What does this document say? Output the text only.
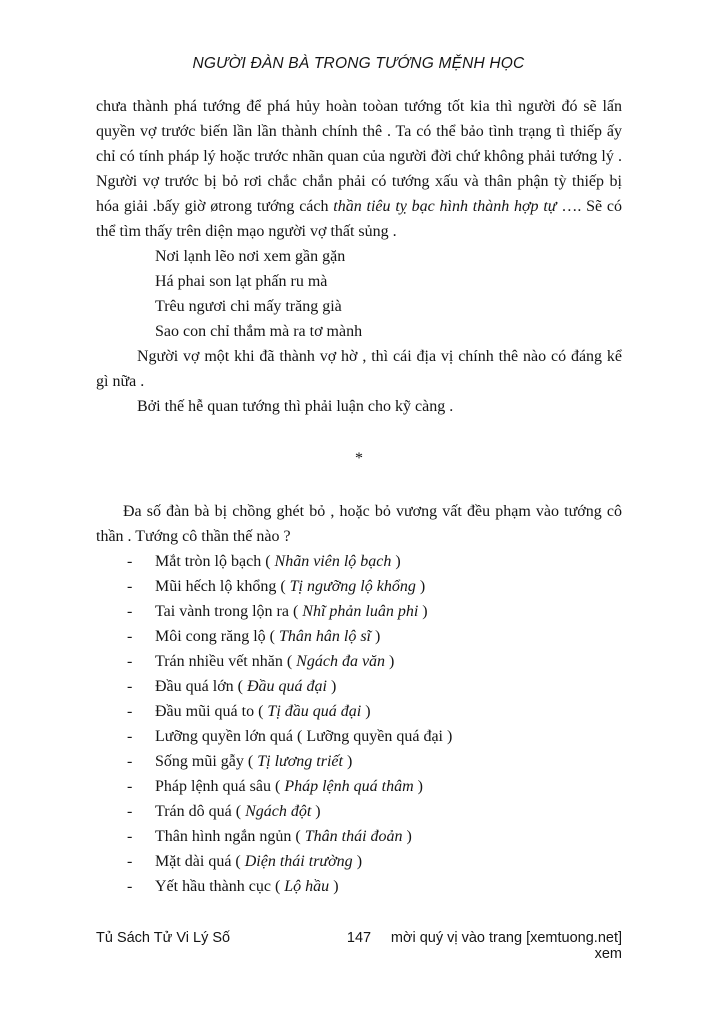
NGƯỜI ĐÀN BÀ TRONG TƯỚNG MỆNH HỌC

chưa thành phá tướng để phá hủy hoàn toòan tướng tốt kia thì người đó sẽ lấn quyền vợ trước biến lần lần thành chính thê . Ta có thể bảo tình trạng tì thiếp ấy chỉ có tính pháp lý hoặc trước nhãn quan của người đời chứ không phải tướng lý . Người vợ trước bị bỏ rơi chắc chắn phải có tướng xấu và thân phận tỳ thiếp bị hóa giải .bấy giờ øtrong tướng cách thần tiêu tỵ bạc hình thành hợp tự …. Sẽ có thể tìm thấy trên diện mạo người vợ thất sủng .

Nơi lạnh lẽo nơi xem gần gặn
Há phai son lạt phấn ru mà
Trêu ngươi chi mấy trăng già
Sao con chỉ thắm mà ra tơ mành

Người vợ một khi đã thành vợ hờ , thì cái địa vị chính thê nào có đáng kể gì nữa .

Bởi thế hễ quan tướng thì phải luận cho kỹ càng .

*

Đa số đàn bà bị chồng ghét bỏ , hoặc bỏ vương vất đều phạm vào tướng cô thần . Tướng cô thần thế nào ?

-	Mắt tròn lộ bạch ( Nhãn viên lộ bạch )
-	Mũi hếch lộ khổng ( Tị ngưỡng lộ khổng )
-	Tai vành trong lộn ra ( Nhĩ phản luân phi )
-	Môi cong răng lộ ( Thân hân lộ sĩ )
-	Trán nhiều vết nhăn ( Ngách đa văn )
-	Đầu quá lớn ( Đầu quá đại )
-	Đầu mũi quá to ( Tị đầu quá đại )
-	Lưỡng quyền lớn quá ( Lưỡng quyền quá đại )
-	Sống mũi gẫy ( Tị lương triết )
-	Pháp lệnh quá sâu ( Pháp lệnh quá thâm )
-	Trán dô quá ( Ngách đột )
-	Thân hình ngắn ngủn ( Thân thái đoản )
-	Mặt dài quá ( Diện thái trường )
-	Yết hầu thành cục ( Lộ hầu )
Tủ Sách Tử Vi Lý Số	147	mời quý vị vào trang [xemtuong.net] xem
